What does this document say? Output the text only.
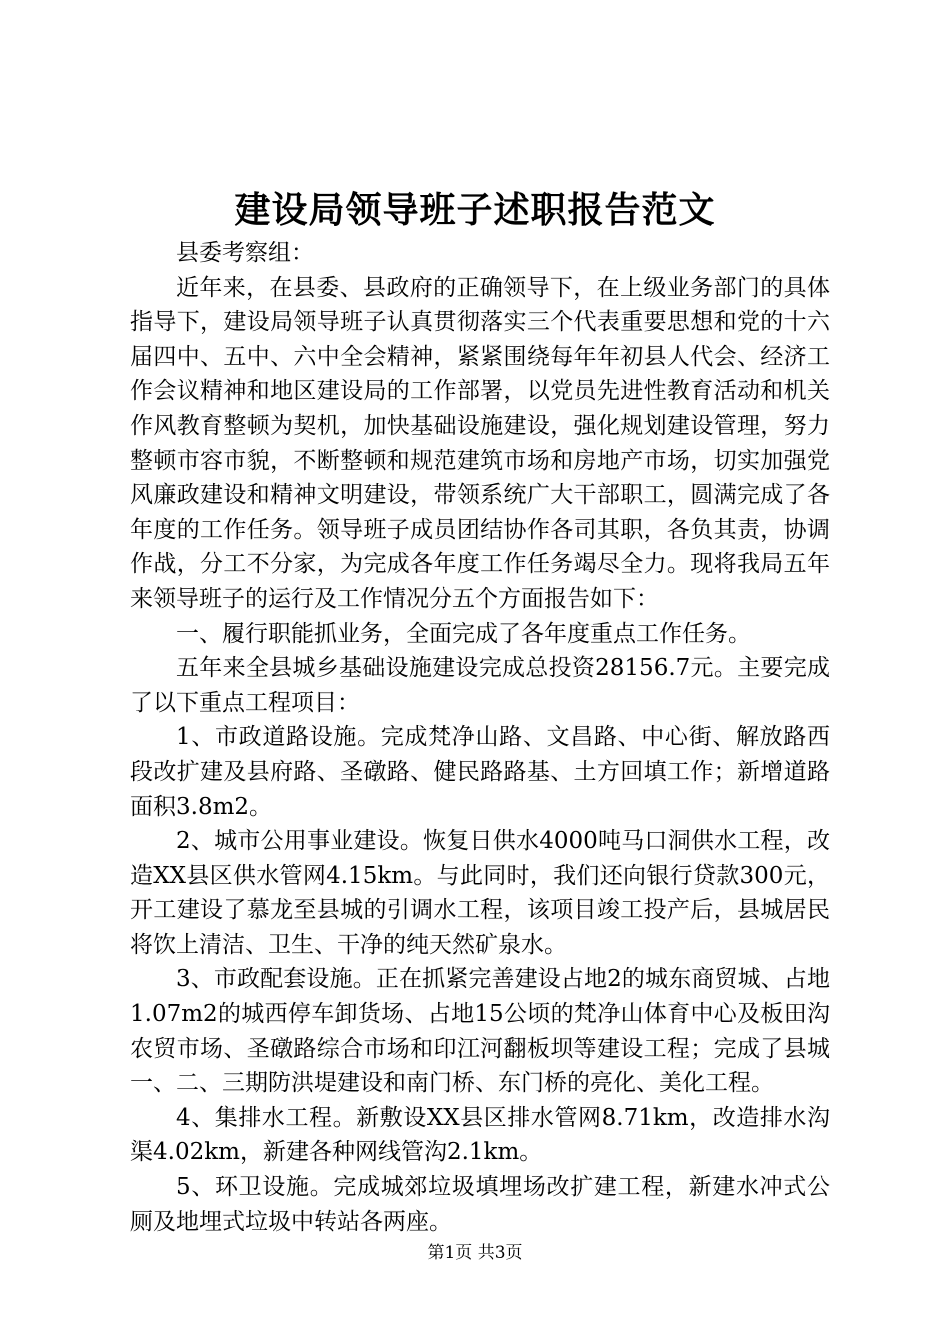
建设局领导班子述职报告范文

县委考察组：

近年来，在县委、县政府的正确领导下，在上级业务部门的具体指导下，建设局领导班子认真贯彻落实三个代表重要思想和党的十六届四中、五中、六中全会精神，紧紧围绕每年年初县人代会、经济工作会议精神和地区建设局的工作部署，以党员先进性教育活动和机关作风教育整顿为契机，加快基础设施建设，强化规划建设管理，努力整顿市容市貌，不断整顿和规范建筑市场和房地产市场，切实加强党风廉政建设和精神文明建设，带领系统广大干部职工，圆满完成了各年度的工作任务。领导班子成员团结协作各司其职，各负其责，协调作战，分工不分家，为完成各年度工作任务竭尽全力。现将我局五年来领导班子的运行及工作情况分五个方面报告如下：

一、履行职能抓业务，全面完成了各年度重点工作任务。

五年来全县城乡基础设施建设完成总投资28156.7元。主要完成了以下重点工程项目：

1、市政道路设施。完成梵净山路、文昌路、中心街、解放路西段改扩建及县府路、圣礅路、健民路路基、土方回填工作；新增道路面积3.8m2。

2、城市公用事业建设。恢复日供水4000吨马口洞供水工程，改造XX县区供水管网4.15km。与此同时，我们还向银行贷款300元，开工建设了慕龙至县城的引调水工程，该项目竣工投产后，县城居民将饮上清洁、卫生、干净的纯天然矿泉水。

3、市政配套设施。正在抓紧完善建设占地2的城东商贸城、占地1.07m2的城西停车卸货场、占地15公顷的梵净山体育中心及板田沟农贸市场、圣礅路综合市场和印江河翻板坝等建设工程；完成了县城一、二、三期防洪堤建设和南门桥、东门桥的亮化、美化工程。

4、集排水工程。新敷设XX县区排水管网8.71km，改造排水沟渠4.02km，新建各种网线管沟2.1km。

5、环卫设施。完成城郊垃圾填埋场改扩建工程，新建水冲式公厕及地埋式垃圾中转站各两座。

第1页 共3页
